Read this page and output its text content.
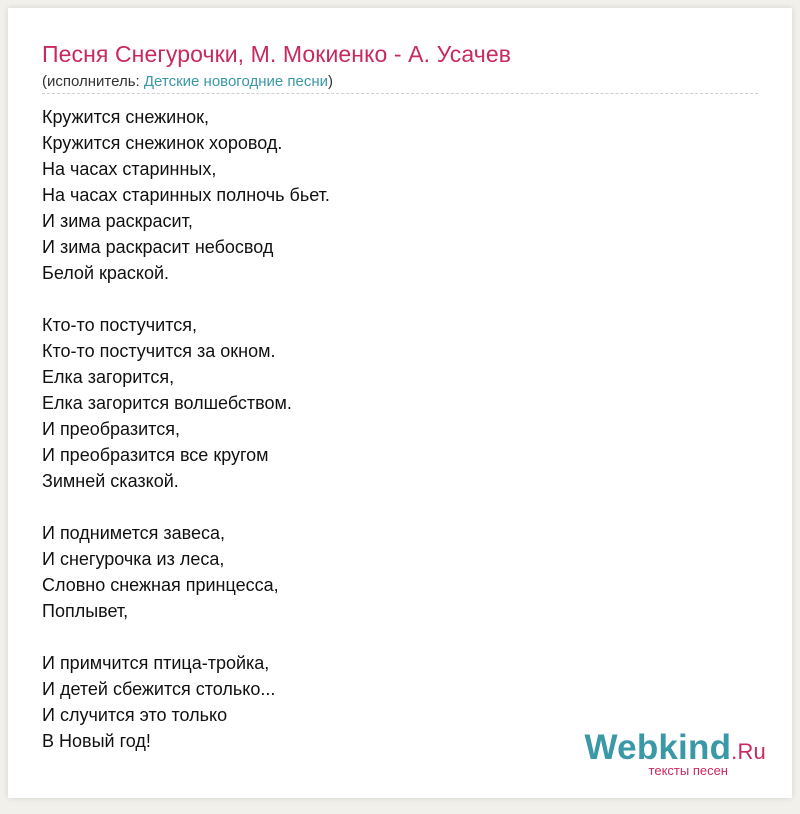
Песня Снегурочки, М. Мокиенко - А. Усачев
(исполнитель: Детские новогодние песни)
Кружится снежинок,
Кружится снежинок хоровод.
На часах старинных,
На часах старинных полночь бьет.
И зима раскрасит,
И зима раскрасит небосвод
Белой краской.
Кто-то постучится,
Кто-то постучится за окном.
Елка загорится,
Елка загорится волшебством.
И преобразится,
И преобразится все кругом
Зимней сказкой.
И поднимется завеса,
И снегурочка из леса,
Словно снежная принцесса,
Поплывет,
И примчится птица-тройка,
И детей сбежится столько...
И случится это только
В Новый год!	Webkind.Ru
тексты песен
